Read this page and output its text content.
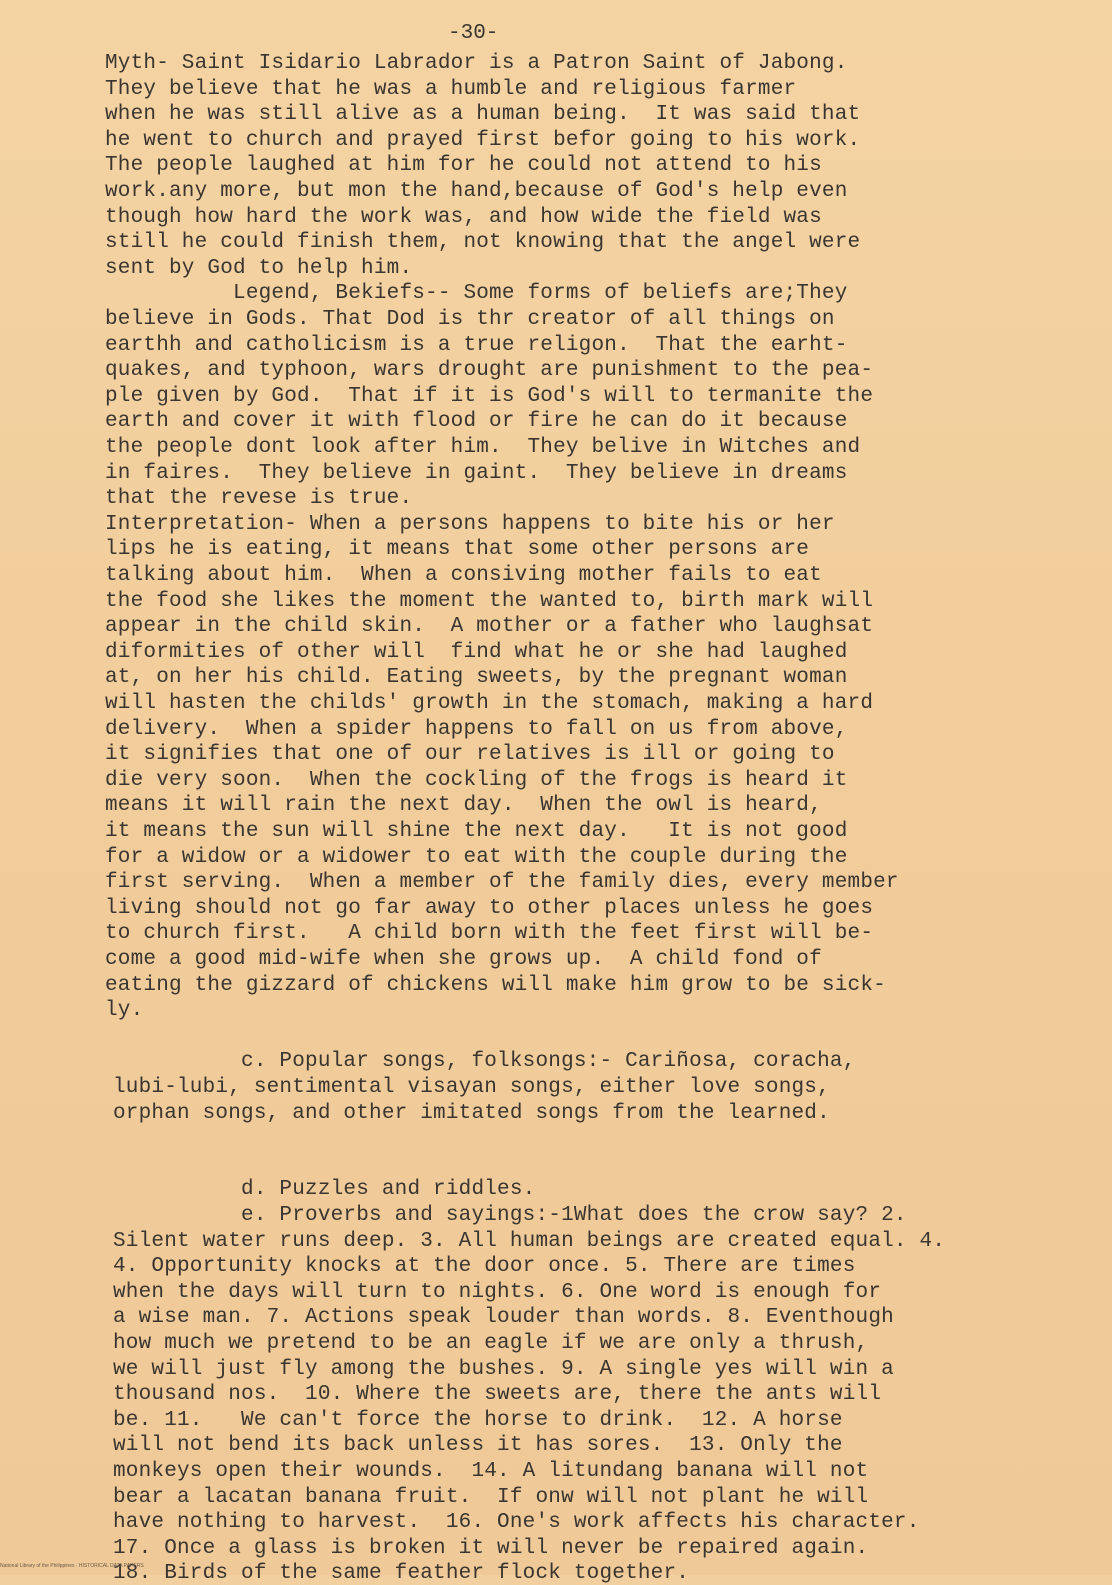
-30-
Myth- Saint Isidario Labrador is a Patron Saint of Jabong.
They believe that he was a humble and religious farmer
when he was still alive as a human being.  It was said that
he went to church and prayed first befor going to his work.
The people laughed at him for he could not attend to his
work.any more, but mon the hand,because of God's help even
though how hard the work was, and how wide the field was
still he could finish them, not knowing that the angel were
sent by God to help him.
Legend, Bekiefs-- Some forms of beliefs are;They
believe in Gods. That Dod is thr creator of all things on
earthh and catholicism is a true religon.  That the earht-
quakes, and typhoon, wars drought are punishment to the pea-
ple given by God.  That if it is God's will to termanite the
earth and cover it with flood or fire he can do it because
the people dont look after him.  They belive in Witches and
in faires.  They believe in gaint.  They believe in dreams
that the revese is true.
Interpretation- When a persons happens to bite his or her
lips he is eating, it means that some other persons are
talking about him.  When a consiving mother fails to eat
the food she likes the moment the wanted to, birth mark will
appear in the child skin.  A mother or a father who laughsat
diformities of other will  find what he or she had laughed
at, on her his child. Eating sweets, by the pregnant woman
will hasten the childs' growth in the stomach, making a hard
delivery.  When a spider happens to fall on us from above,
it signifies that one of our relatives is ill or going to
die very soon.  When the cockling of the frogs is heard it
means it will rain the next day.  When the owl is heard,
it means the sun will shine the next day.   It is not good
for a widow or a widower to eat with the couple during the
first serving.  When a member of the family dies, every member
living should not go far away to other places unless he goes
to church first.   A child born with the feet first will be-
come a good mid-wife when she grows up.  A child fond of
eating the gizzard of chickens will make him grow to be sick-
ly.
c. Popular songs, folksongs:- Cariñosa, coracha,
lubi-lubi, sentimental visayan songs, either love songs,
orphan songs, and other imitated songs from the learned.
d. Puzzles and riddles.
e. Proverbs and sayings:-1What does the crow say? 2.
Silent water runs deep. 3. All human beings are created equal. 4.
4. Opportunity knocks at the door once. 5. There are times
when the days will turn to nights. 6. One word is enough for
a wise man. 7. Actions speak louder than words. 8. Eventhough
how much we pretend to be an eagle if we are only a thrush,
we will just fly among the bushes. 9. A single yes will win a
thousand nos.  10. Where the sweets are, there the ants will
be. 11.   We can't force the horse to drink.  12. A horse
will not bend its back unless it has sores.  13. Only the
monkeys open their wounds.  14. A litundang banana will not
bear a lacatan banana fruit.  If onw will not plant he will
have nothing to harvest.  16. One's work affects his character.
17. Once a glass is broken it will never be repaired again.
18. Birds of the same feather flock together.
National Library of the Philippines · HISTORICAL DATA PAPERS
